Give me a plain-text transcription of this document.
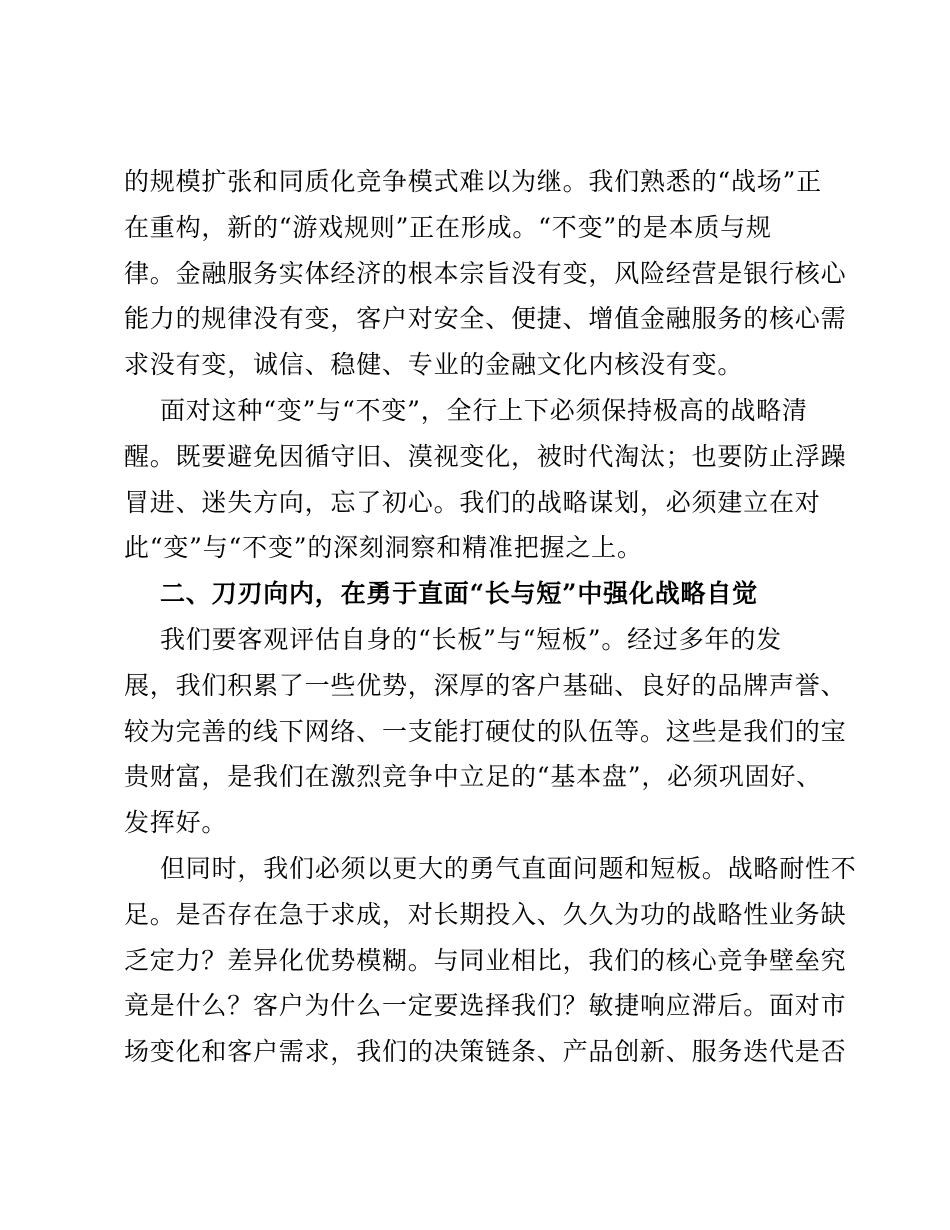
的规模扩张和同质化竞争模式难以为继。我们熟悉的“战场”正
在重构，新的“游戏规则”正在形成。“不变”的是本质与规
律。金融服务实体经济的根本宗旨没有变，风险经营是银行核心
能力的规律没有变，客户对安全、便捷、增值金融服务的核心需
求没有变，诚信、稳健、专业的金融文化内核没有变。
面对这种“变”与“不变”，全行上下必须保持极高的战略清
醒。既要避免因循守旧、漠视变化，被时代淘汰；也要防止浮躁
冒进、迷失方向，忘了初心。我们的战略谋划，必须建立在对
此“变”与“不变”的深刻洞察和精准把握之上。
二、刀刃向内，在勇于直面“长与短”中强化战略自觉
我们要客观评估自身的“长板”与“短板”。经过多年的发
展，我们积累了一些优势，深厚的客户基础、良好的品牌声誉、
较为完善的线下网络、一支能打硬仗的队伍等。这些是我们的宝
贵财富，是我们在激烈竞争中立足的“基本盘”，必须巩固好、
发挥好。
但同时，我们必须以更大的勇气直面问题和短板。战略耐性不
足。是否存在急于求成，对长期投入、久久为功的战略性业务缺
乏定力？差异化优势模糊。与同业相比，我们的核心竞争壁垒究
竟是什么？客户为什么一定要选择我们？敏捷响应滞后。面对市
场变化和客户需求，我们的决策链条、产品创新、服务迭代是否
